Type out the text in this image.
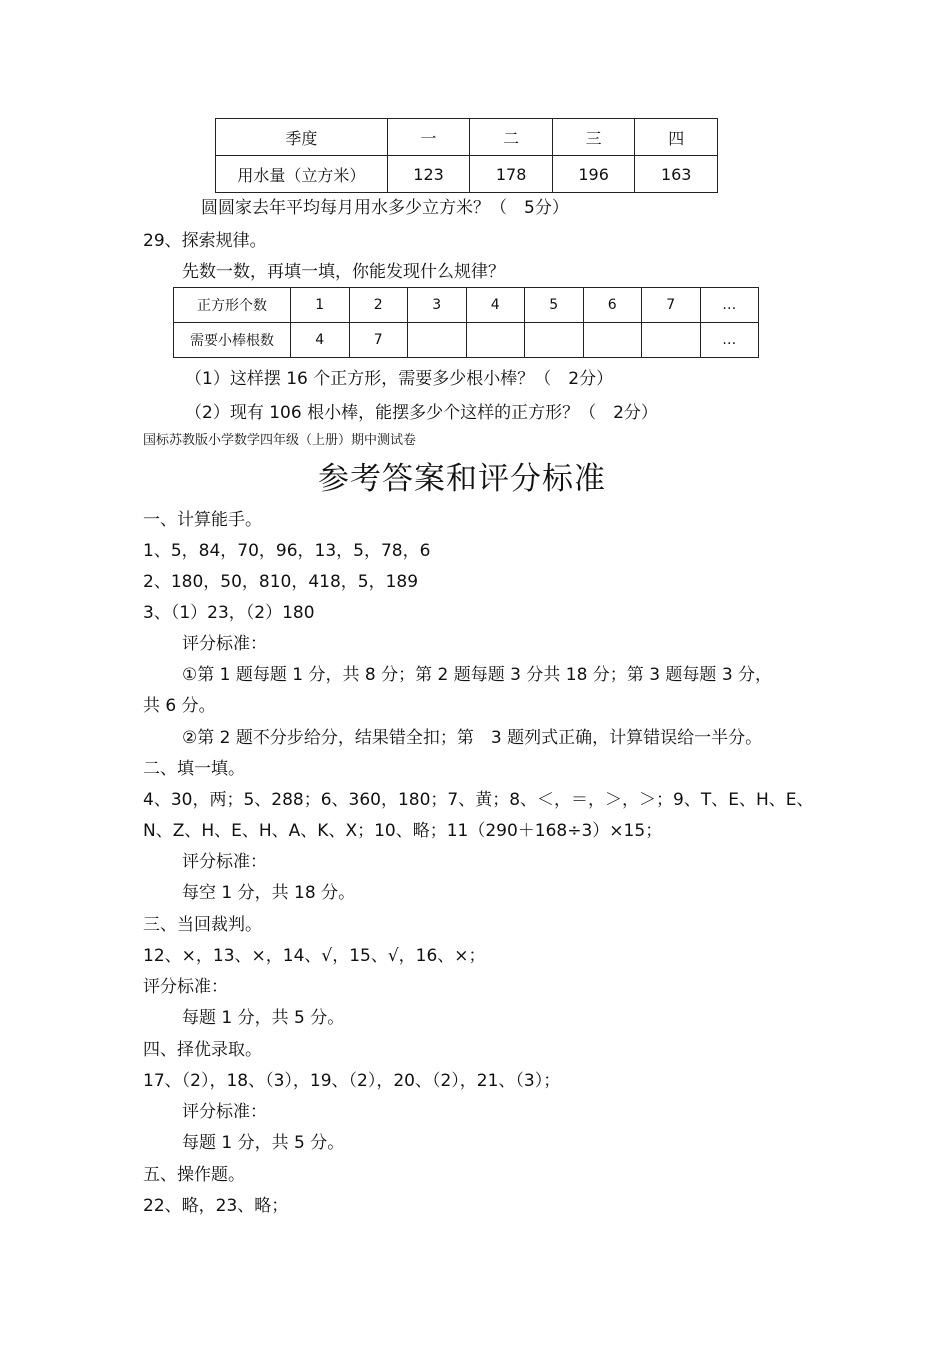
季度	一	二	三	四
用水量（立方米）	123	178	196	163
圆圆家去年平均每月用水多少立方米？（　5分）
29、探索规律。
先数一数，再填一填，你能发现什么规律？
正方形个数	1	2	3	4	5	6	7	…
需要小棒根数	4	7						…
（1）这样摆 16 个正方形，需要多少根小棒？（　2分）
（2）现有 106 根小棒，能摆多少个这样的正方形？（　2分）
国标苏教版小学数学四年级（上册）期中测试卷
参考答案和评分标准
一、计算能手。
1、5，84，70，96，13，5，78，6
2、180，50，810，418，5，189
3、（1）23，（2）180
评分标准：
①第 1 题每题 1 分，共 8 分；第 2 题每题 3 分共 18 分；第 3 题每题 3 分，
共 6 分。
②第 2 题不分步给分，结果错全扣；第　3 题列式正确，计算错误给一半分。
二、填一填。
4、30，两；5、288；6、360，180；7、黄；8、＜，＝，＞，＞；9、T、E、H、E、
N、Z、H、E、H、A、K、X；10、略；11（290＋168÷3）×15；
评分标准：
每空 1 分，共 18 分。
三、当回裁判。
12、×，13、×，14、√，15、√，16、×；
评分标准：
每题 1 分，共 5 分。
四、择优录取。
17、（2），18、（3），19、（2），20、（2），21、（3）；
评分标准：
每题 1 分，共 5 分。
五、操作题。
22、略，23、略；
